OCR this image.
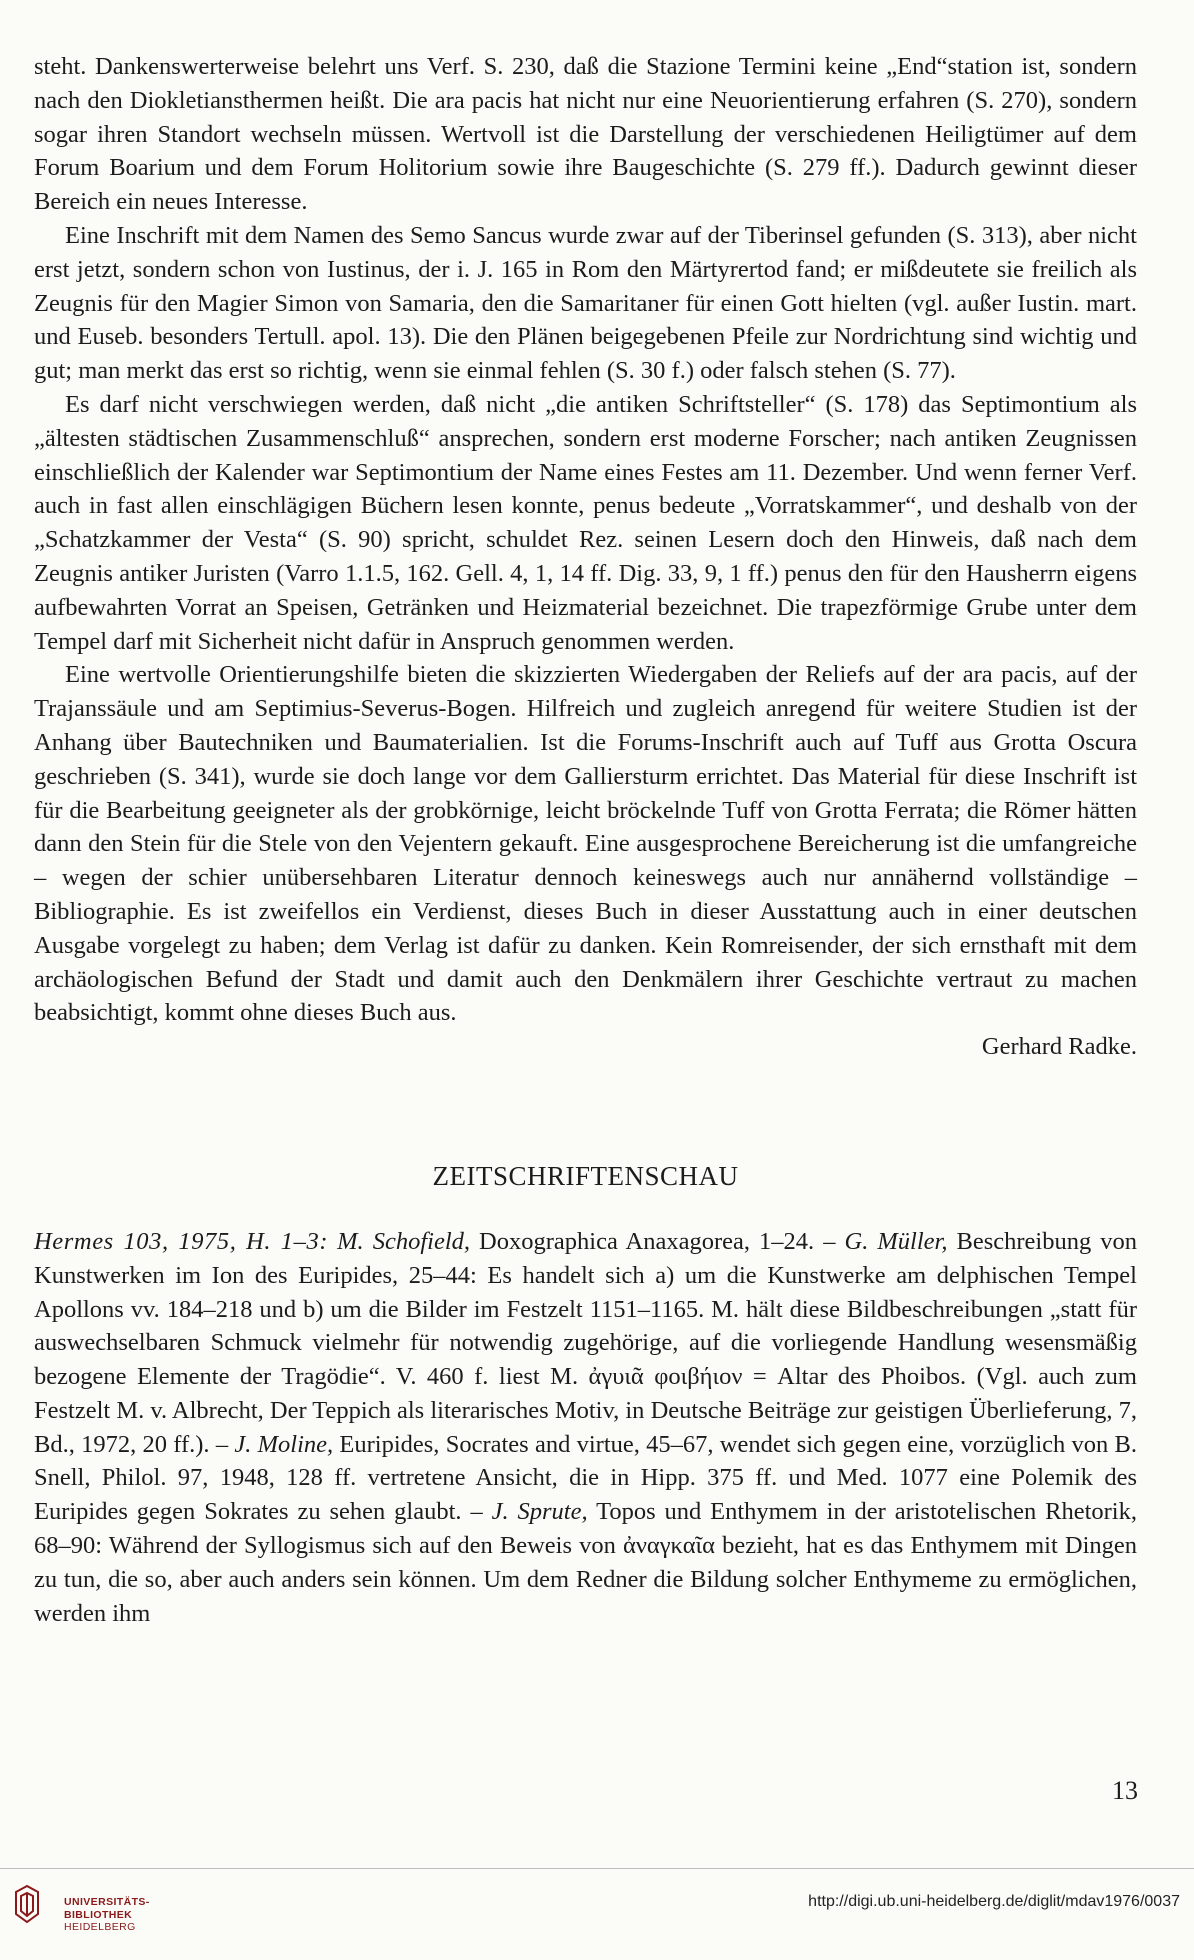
steht. Dankenswerterweise belehrt uns Verf. S. 230, daß die Stazione Termini keine „End“station ist, sondern nach den Diokletiansthermen heißt. Die ara pacis hat nicht nur eine Neuorientierung erfahren (S. 270), sondern sogar ihren Standort wechseln müssen. Wertvoll ist die Darstellung der verschiedenen Heiligtümer auf dem Forum Boarium und dem Forum Holitorium sowie ihre Baugeschichte (S. 279 ff.). Dadurch gewinnt dieser Bereich ein neues Interesse.

Eine Inschrift mit dem Namen des Semo Sancus wurde zwar auf der Tiberinsel gefunden (S. 313), aber nicht erst jetzt, sondern schon von Iustinus, der i. J. 165 in Rom den Märtyrertod fand; er mißdeutete sie freilich als Zeugnis für den Magier Simon von Samaria, den die Samaritaner für einen Gott hielten (vgl. außer Iustin. mart. und Euseb. besonders Tertull. apol. 13). Die den Plänen beigegebenen Pfeile zur Nordrichtung sind wichtig und gut; man merkt das erst so richtig, wenn sie einmal fehlen (S. 30 f.) oder falsch stehen (S. 77).

Es darf nicht verschwiegen werden, daß nicht „die antiken Schriftsteller“ (S. 178) das Septimontium als „ältesten städtischen Zusammenschluß“ ansprechen, sondern erst moderne Forscher; nach antiken Zeugnissen einschließlich der Kalender war Septimontium der Name eines Festes am 11. Dezember. Und wenn ferner Verf. auch in fast allen einschlägigen Büchern lesen konnte, penus bedeute „Vorratskammer“, und deshalb von der „Schatzkammer der Vesta“ (S. 90) spricht, schuldet Rez. seinen Lesern doch den Hinweis, daß nach dem Zeugnis antiker Juristen (Varro 1.1.5, 162. Gell. 4, 1, 14 ff. Dig. 33, 9, 1 ff.) penus den für den Hausherrn eigens aufbewahrten Vorrat an Speisen, Getränken und Heizmaterial bezeichnet. Die trapezförmige Grube unter dem Tempel darf mit Sicherheit nicht dafür in Anspruch genommen werden.

Eine wertvolle Orientierungshilfe bieten die skizzierten Wiedergaben der Reliefs auf der ara pacis, auf der Trajanssäule und am Septimius-Severus-Bogen. Hilfreich und zugleich anregend für weitere Studien ist der Anhang über Bautechniken und Baumaterialien. Ist die Forums-Inschrift auch auf Tuff aus Grotta Oscura geschrieben (S. 341), wurde sie doch lange vor dem Galliersturm errichtet. Das Material für diese Inschrift ist für die Bearbeitung geeigneter als der grobkörnige, leicht bröckelnde Tuff von Grotta Ferrata; die Römer hätten dann den Stein für die Stele von den Vejentern gekauft. Eine ausgesprochene Bereicherung ist die umfangreiche – wegen der schier unübersehbaren Literatur dennoch keineswegs auch nur annähernd vollständige – Bibliographie. Es ist zweifellos ein Verdienst, dieses Buch in dieser Ausstattung auch in einer deutschen Ausgabe vorgelegt zu haben; dem Verlag ist dafür zu danken. Kein Romreisender, der sich ernsthaft mit dem archäologischen Befund der Stadt und damit auch den Denkmälern ihrer Geschichte vertraut zu machen beabsichtigt, kommt ohne dieses Buch aus.

Gerhard Radke.

ZEITSCHRIFTENSCHAU

Hermes 103, 1975, H. 1–3: M. Schofield, Doxographica Anaxagorea, 1–24. – G. Müller, Beschreibung von Kunstwerken im Ion des Euripides, 25–44: Es handelt sich a) um die Kunstwerke am delphischen Tempel Apollons vv. 184–218 und b) um die Bilder im Festzelt 1151–1165. M. hält diese Bildbeschreibungen „statt für auswechselbaren Schmuck vielmehr für notwendig zugehörige, auf die vorliegende Handlung wesensmäßig bezogene Elemente der Tragödie“. V. 460 f. liest M. ἀγυιᾶ φοιβήιον = Altar des Phoibos. (Vgl. auch zum Festzelt M. v. Albrecht, Der Teppich als literarisches Motiv, in Deutsche Beiträge zur geistigen Überlieferung, 7, Bd., 1972, 20 ff.). – J. Moline, Euripides, Socrates and virtue, 45–67, wendet sich gegen eine, vorzüglich von B. Snell, Philol. 97, 1948, 128 ff. vertretene Ansicht, die in Hipp. 375 ff. und Med. 1077 eine Polemik des Euripides gegen Sokrates zu sehen glaubt. – J. Sprute, Topos und Enthymem in der aristotelischen Rhetorik, 68–90: Während der Syllogismus sich auf den Beweis von ἀναγκαῖα bezieht, hat es das Enthymem mit Dingen zu tun, die so, aber auch anders sein können. Um dem Redner die Bildung solcher Enthymeme zu ermöglichen, werden ihm

13
UNIVERSITÄTS-
BIBLIOTHEK
HEIDELBERG
http://digi.ub.uni-heidelberg.de/diglit/mdav1976/0037
